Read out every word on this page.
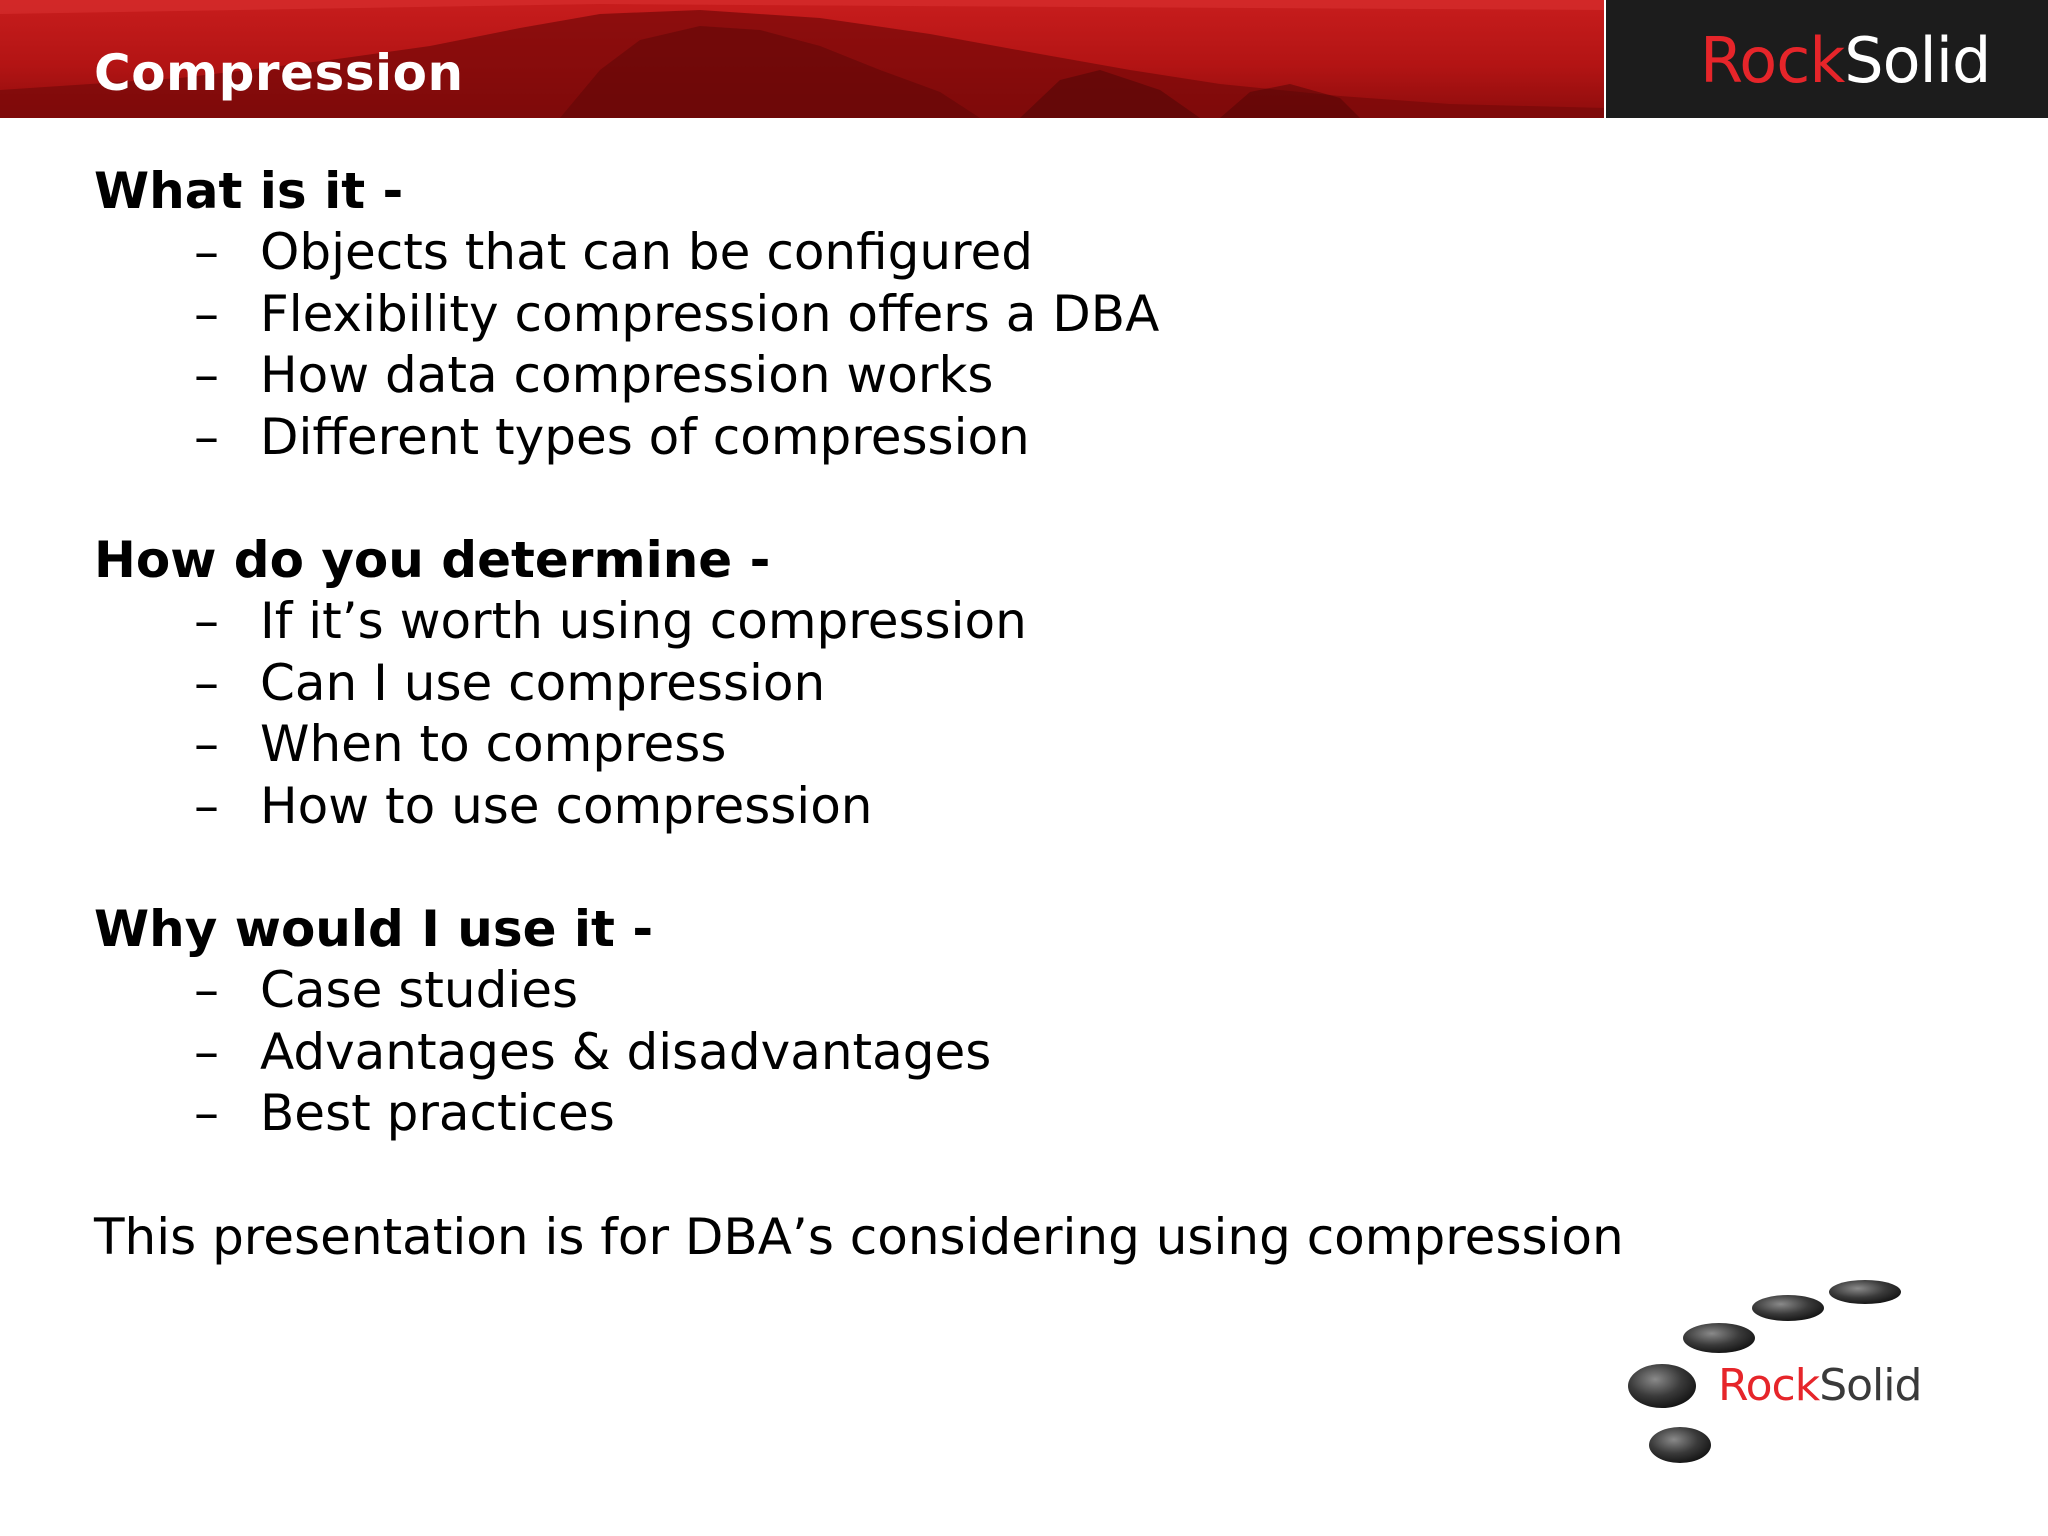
Compression	RockSolid
What is it -
– Objects that can be configured
– Flexibility compression offers a DBA
– How data compression works
– Different types of compression
How do you determine -
– If it’s worth using compression
– Can I use compression
– When to compress
– How to use compression
Why would I use it -
– Case studies
– Advantages & disadvantages
– Best practices
This presentation is for DBA’s considering using compression
RockSolid
